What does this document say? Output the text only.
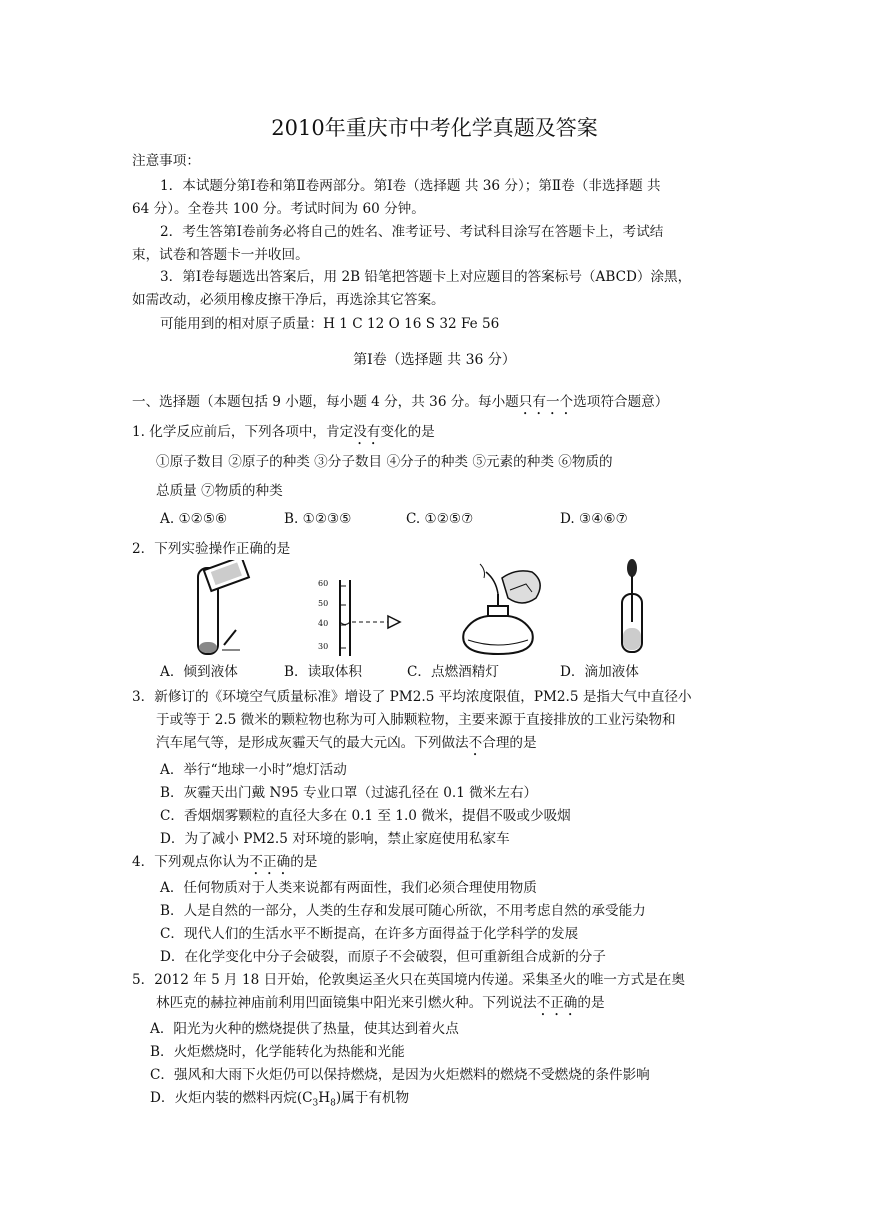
2010年重庆市中考化学真题及答案
注意事项：
1．本试题分第Ⅰ卷和第Ⅱ卷两部分。第Ⅰ卷（选择题 共 36 分）；第Ⅱ卷（非选择题 共
64 分）。全卷共 100 分。考试时间为 60 分钟。
2．考生答第Ⅰ卷前务必将自己的姓名、准考证号、考试科目涂写在答题卡上，考试结
束，试卷和答题卡一并收回。
3．第Ⅰ卷每题选出答案后，用 2B 铅笔把答题卡上对应题目的答案标号（ABCD）涂黑，
如需改动，必须用橡皮擦干净后，再选涂其它答案。
可能用到的相对原子质量：H 1 C 12 O 16 S 32 Fe 56
第Ⅰ卷（选择题 共 36 分）
一、选择题（本题包括 9 小题，每小题 4 分，共 36 分。每小题只有一个选项符合题意）
1. 化学反应前后，下列各项中，肯定没有变化的是
①原子数目 ②原子的种类 ③分子数目 ④分子的种类 ⑤元素的种类 ⑥物质的
总质量 ⑦物质的种类
A. ①②⑤⑥	B. ①②③⑤	C. ①②⑤⑦	D. ③④⑥⑦
2．下列实验操作正确的是
60
50
40
30
A．倾到液体	B．读取体积	C．点燃酒精灯	D．滴加液体
3．新修订的《环境空气质量标准》增设了 PM2.5 平均浓度限值，PM2.5 是指大气中直径小
于或等于 2.5 微米的颗粒物也称为可入肺颗粒物，主要来源于直接排放的工业污染物和
汽车尾气等，是形成灰霾天气的最大元凶。下列做法不合理的是
A．举行“地球一小时”熄灯活动
B．灰霾天出门戴 N95 专业口罩（过滤孔径在 0.1 微米左右）
C．香烟烟雾颗粒的直径大多在 0.1 至 1.0 微米，提倡不吸或少吸烟
D．为了减小 PM2.5 对环境的影响，禁止家庭使用私家车
4．下列观点你认为不正确的是
A．任何物质对于人类来说都有两面性，我们必须合理使用物质
B．人是自然的一部分，人类的生存和发展可随心所欲，不用考虑自然的承受能力
C．现代人们的生活水平不断提高，在许多方面得益于化学科学的发展
D．在化学变化中分子会破裂，而原子不会破裂，但可重新组合成新的分子
5．2012 年 5 月 18 日开始，伦敦奥运圣火只在英国境内传递。采集圣火的唯一方式是在奥
林匹克的赫拉神庙前利用凹面镜集中阳光来引燃火种。下列说法不正确的是
A．阳光为火种的燃烧提供了热量，使其达到着火点
B．火炬燃烧时，化学能转化为热能和光能
C．强风和大雨下火炬仍可以保持燃烧，是因为火炬燃料的燃烧不受燃烧的条件影响
D．火炬内装的燃料丙烷$(C_3H_8)$属于有机物
